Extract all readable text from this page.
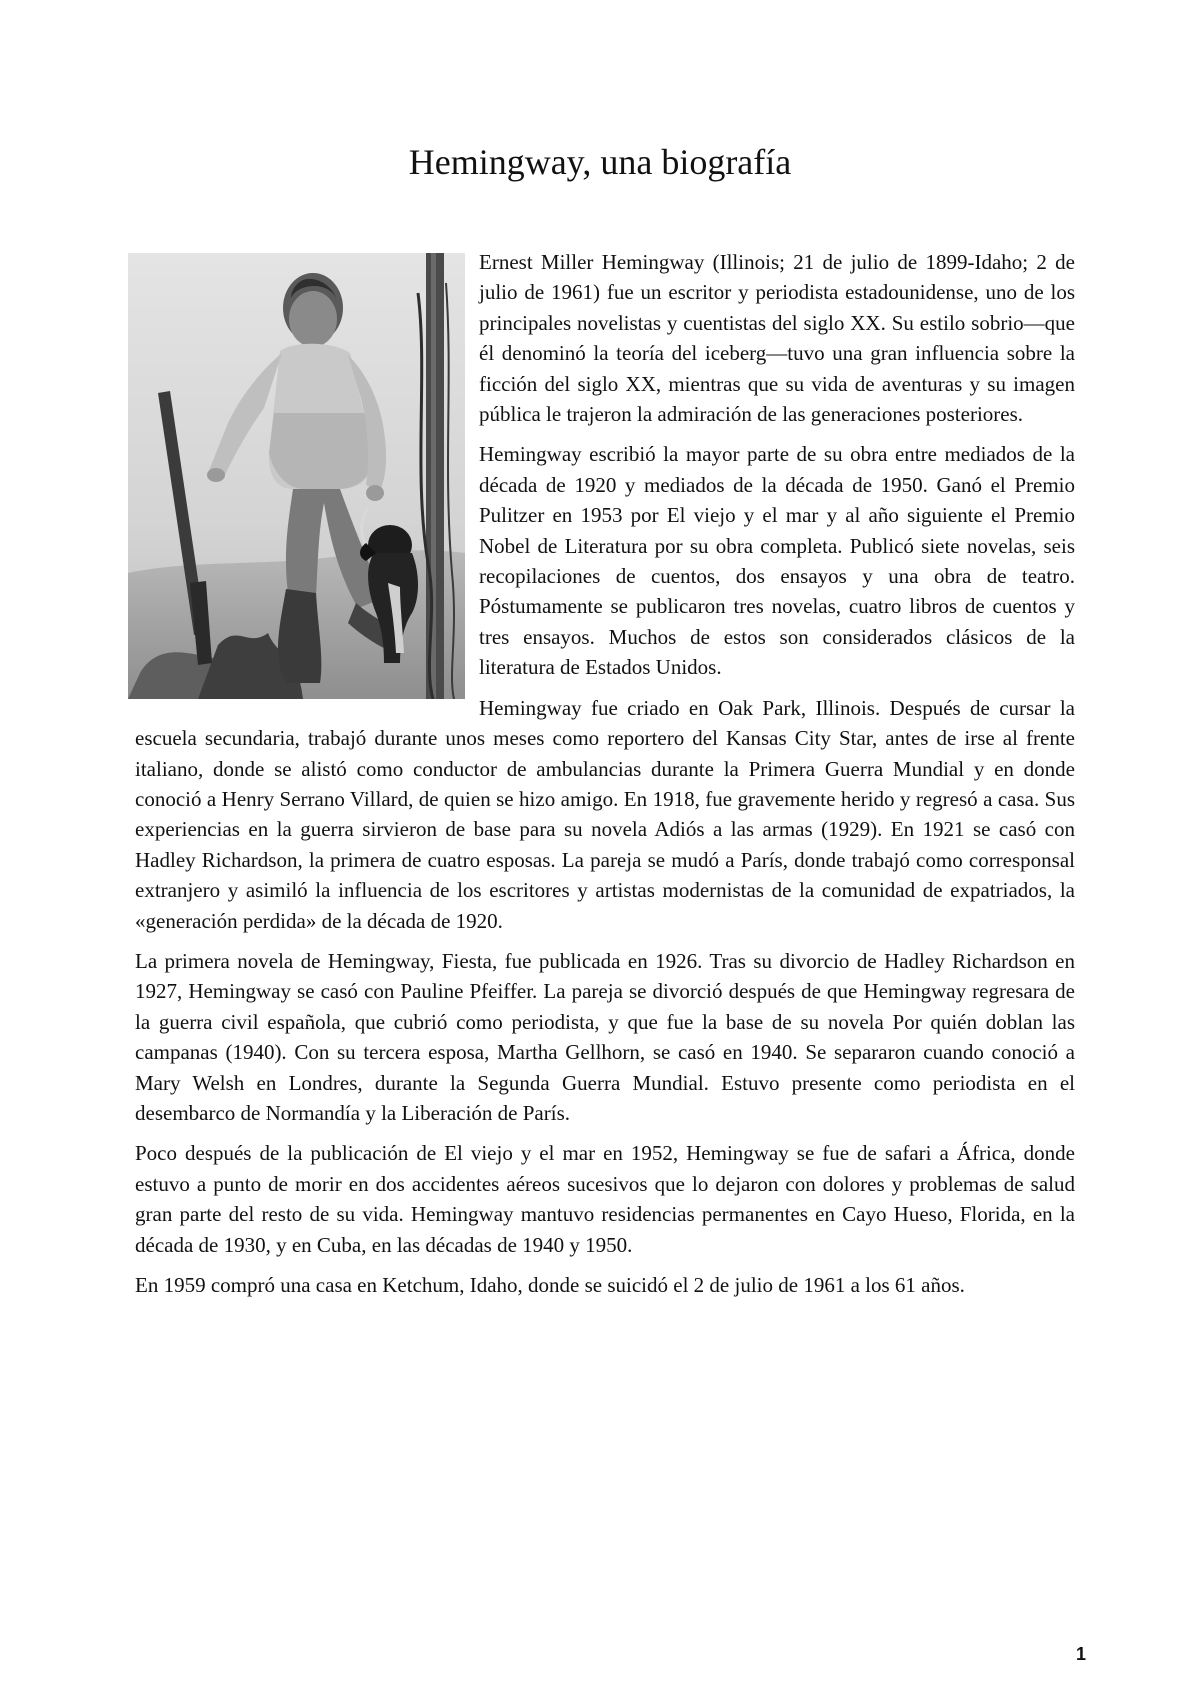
Hemingway, una biografía

Ernest Miller Hemingway (Illinois; 21 de julio de 1899-Idaho; 2 de julio de 1961) fue un escritor y periodista estadounidense, uno de los principales novelistas y cuentistas del siglo XX. Su estilo sobrio—que él denominó la teoría del iceberg—tuvo una gran influencia sobre la ficción del siglo XX, mientras que su vida de aventuras y su imagen pública le trajeron la admiración de las generaciones posteriores.

Hemingway escribió la mayor parte de su obra entre mediados de la década de 1920 y mediados de la década de 1950. Ganó el Premio Pulitzer en 1953 por El viejo y el mar y al año siguiente el Premio Nobel de Literatura por su obra completa. Publicó siete novelas, seis recopilaciones de cuentos, dos ensayos y una obra de teatro. Póstumamente se publicaron tres novelas, cuatro libros de cuentos y tres ensayos. Muchos de estos son considerados clásicos de la literatura de Estados Unidos.

Hemingway fue criado en Oak Park, Illinois. Después de cursar la escuela secundaria, trabajó durante unos meses como reportero del Kansas City Star, antes de irse al frente italiano, donde se alistó como conductor de ambulancias durante la Primera Guerra Mundial y en donde conoció a Henry Serrano Villard, de quien se hizo amigo. En 1918, fue gravemente herido y regresó a casa. Sus experiencias en la guerra sirvieron de base para su novela Adiós a las armas (1929). En 1921 se casó con Hadley Richardson, la primera de cuatro esposas. La pareja se mudó a París, donde trabajó como corresponsal extranjero y asimiló la influencia de los escritores y artistas modernistas de la comunidad de expatriados, la «generación perdida» de la década de 1920.

La primera novela de Hemingway, Fiesta, fue publicada en 1926. Tras su divorcio de Hadley Richardson en 1927, Hemingway se casó con Pauline Pfeiffer. La pareja se divorció después de que Hemingway regresara de la guerra civil española, que cubrió como periodista, y que fue la base de su novela Por quién doblan las campanas (1940). Con su tercera esposa, Martha Gellhorn, se casó en 1940. Se separaron cuando conoció a Mary Welsh en Londres, durante la Segunda Guerra Mundial. Estuvo presente como periodista en el desembarco de Normandía y la Liberación de París.

Poco después de la publicación de El viejo y el mar en 1952, Hemingway se fue de safari a África, donde estuvo a punto de morir en dos accidentes aéreos sucesivos que lo dejaron con dolores y problemas de salud gran parte del resto de su vida. Hemingway mantuvo residencias permanentes en Cayo Hueso, Florida, en la década de 1930, y en Cuba, en las décadas de 1940 y 1950.

En 1959 compró una casa en Ketchum, Idaho, donde se suicidó el 2 de julio de 1961 a los 61 años.

1
